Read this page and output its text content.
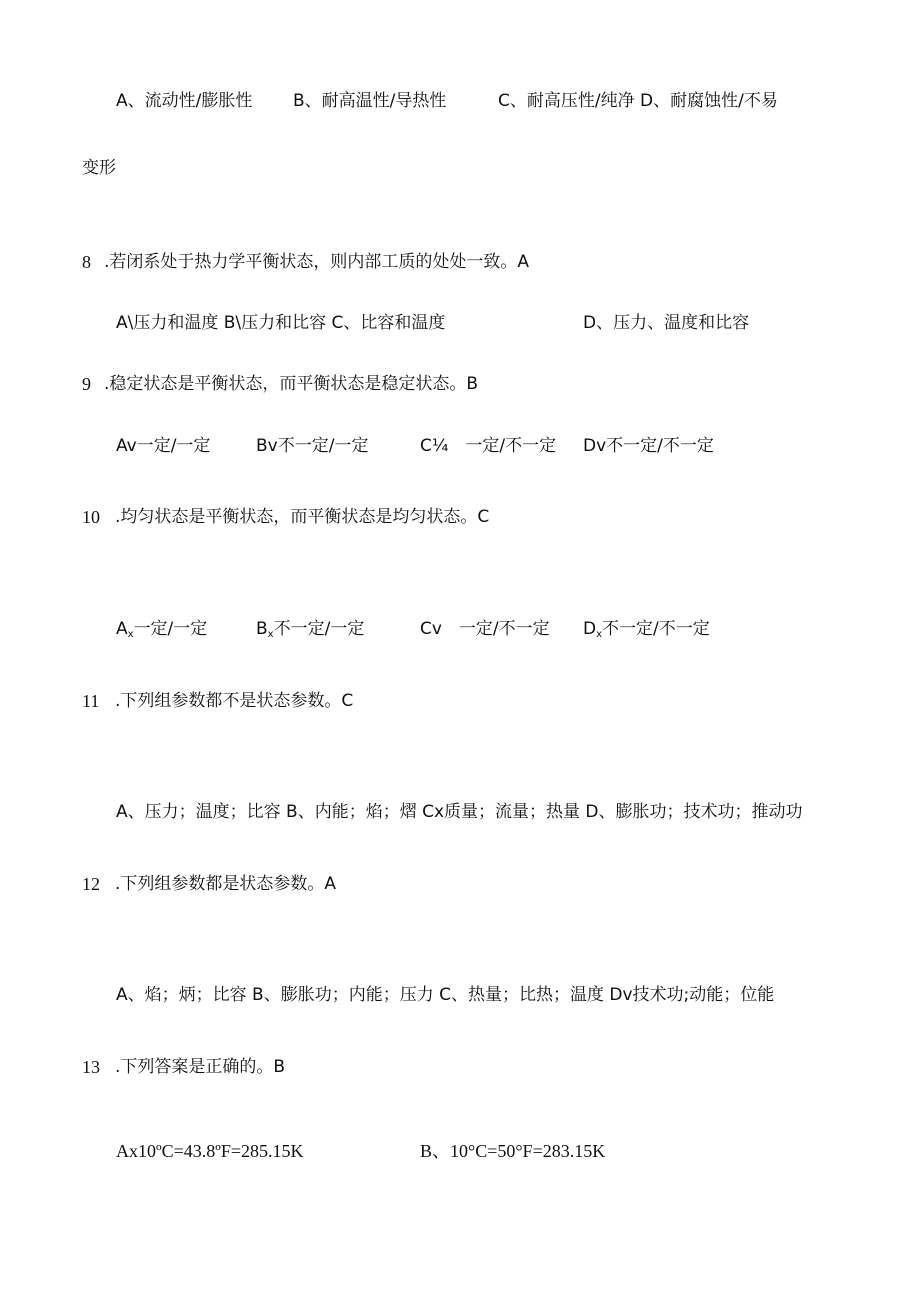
A、流动性/膨胀性 B、耐高温性/导热性	C、耐高压性/纯净 D、耐腐蚀性/不易
变形
8 .若闭系处于热力学平衡状态，则内部工质的处处一致。A
A\压力和温度 B\压力和比容 C、比容和温度	D、压力、温度和比容
9 .稳定状态是平衡状态，而平衡状态是稳定状态。B
Av一定/一定	Bv不一定/一定	C¼　一定/不一定 Dv不一定/不一定
10 .均匀状态是平衡状态，而平衡状态是均匀状态。C
$A_x$一定/一定	$B_x$不一定/一定	Cv　一定/不一定 $D_x$不一定/不一定
11 .下列组参数都不是状态参数。C
A、压力；温度；比容 B、内能；焰；熠 Cx质量；流量；热量 D、膨胀功；技术功；推动功
12 .下列组参数都是状态参数。A
A、焰；炳；比容 B、膨胀功；内能；压力 C、热量；比热；温度 Dv技术功;动能；位能
13 .下列答案是正确的。B
Ax10ºC=43.8ºF=285.15K	B、10°C=50°F=283.15K
